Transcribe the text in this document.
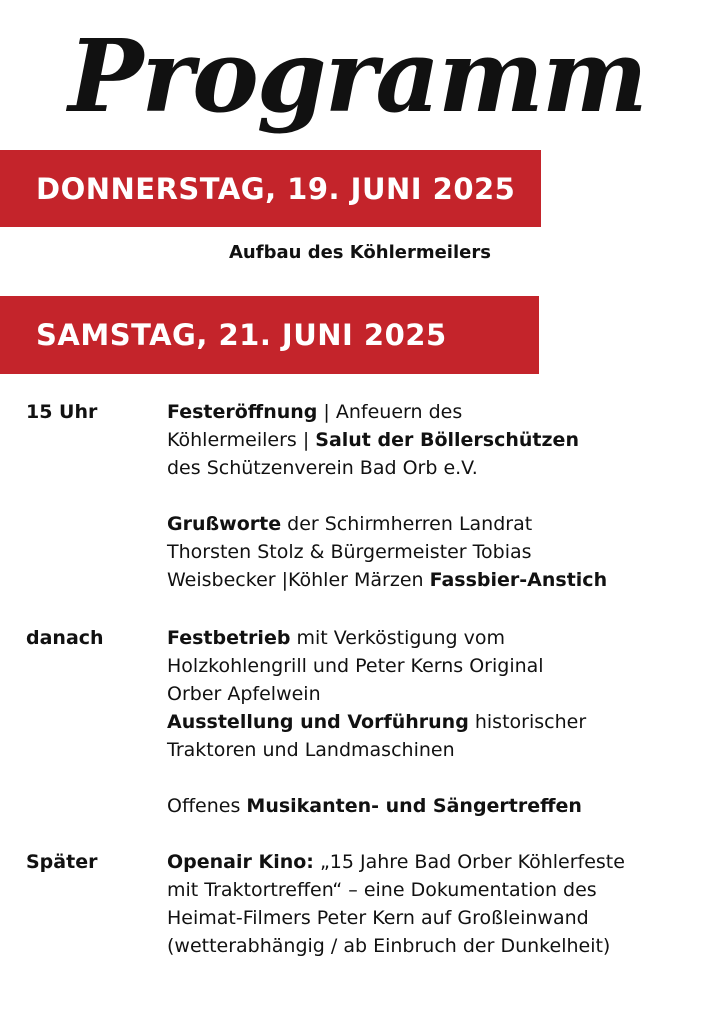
Programm
DONNERSTAG, 19. JUNI 2025
Aufbau des Köhlermeilers
SAMSTAG, 21. JUNI 2025
15 Uhr	Festeröffnung | Anfeuern des

Köhlermeilers | Salut der Böllerschützen

des Schützenverein Bad Orb e.V.

Grußworte der Schirmherren Landrat

Thorsten Stolz & Bürgermeister Tobias

Weisbecker |Köhler Märzen Fassbier-Anstich

danach	Festbetrieb mit Verköstigung vom

Holzkohlengrill und Peter Kerns Original

Orber Apfelwein

Ausstellung und Vorführung historischer

Traktoren und Landmaschinen

Offenes Musikanten- und Sängertreffen

Später	Openair Kino: „15 Jahre Bad Orber Köhlerfeste

mit Traktortreffen“ – eine Dokumentation des

Heimat-Filmers Peter Kern auf Großleinwand

(wetterabhängig / ab Einbruch der Dunkelheit)
